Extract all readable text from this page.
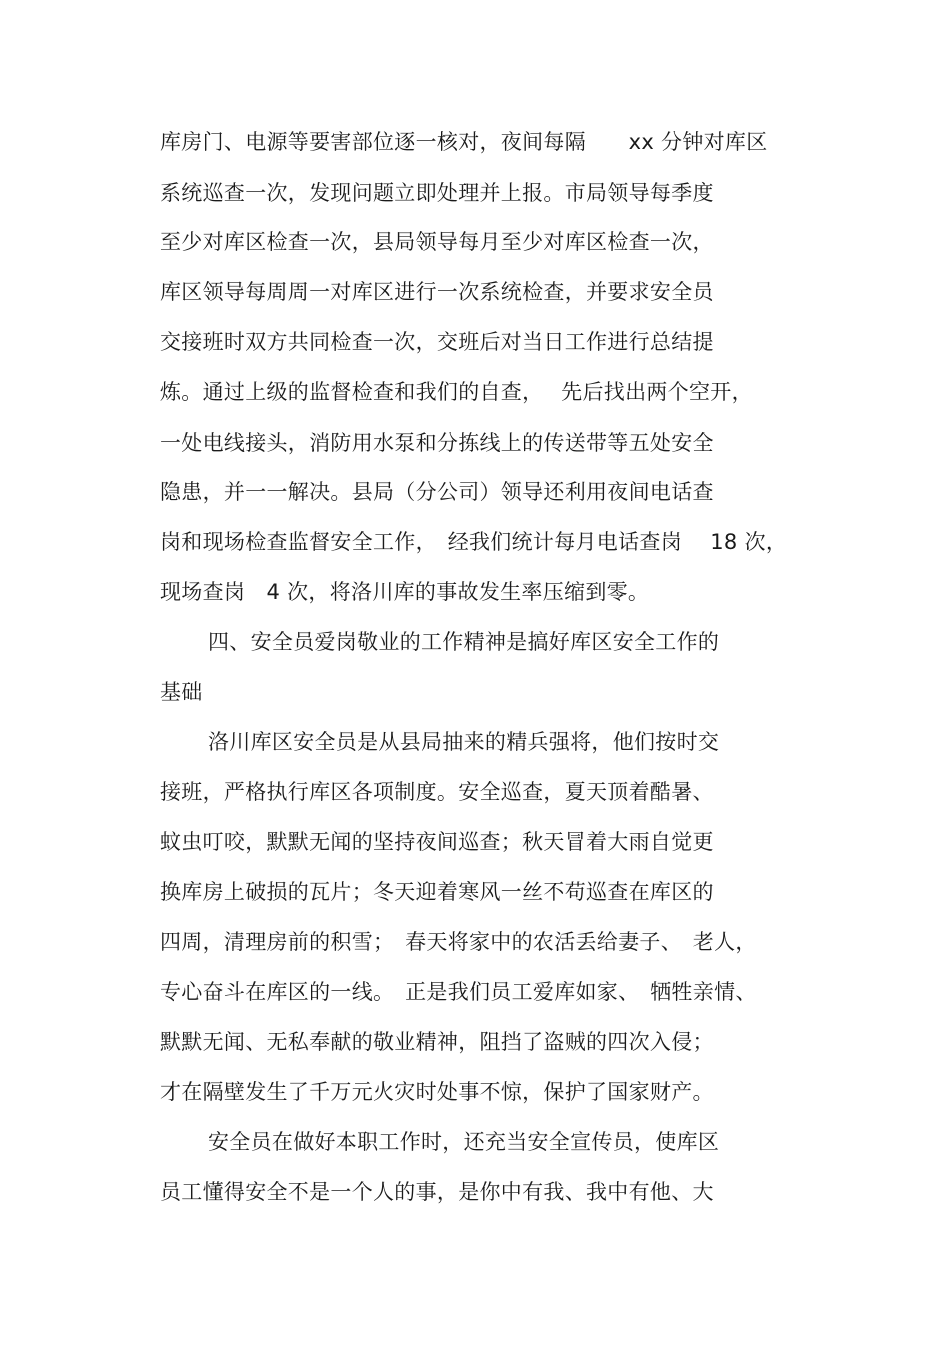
库房门、电源等要害部位逐一核对，夜间每隔　　xx 分钟对库区
系统巡查一次，发现问题立即处理并上报。市局领导每季度
至少对库区检查一次，县局领导每月至少对库区检查一次，
库区领导每周周一对库区进行一次系统检查，并要求安全员
交接班时双方共同检查一次，交班后对当日工作进行总结提
炼。通过上级的监督检查和我们的自查，　 先后找出两个空开，
一处电线接头，消防用水泵和分拣线上的传送带等五处安全
隐患，并一一解决。县局（分公司）领导还利用夜间电话查
岗和现场检查监督安全工作，　经我们统计每月电话查岗　 18 次，
现场查岗　4 次，将洛川库的事故发生率压缩到零。
四、安全员爱岗敬业的工作精神是搞好库区安全工作的
基础
洛川库区安全员是从县局抽来的精兵强将，他们按时交
接班，严格执行库区各项制度。安全巡查，夏天顶着酷暑、
蚊虫叮咬，默默无闻的坚持夜间巡查；秋天冒着大雨自觉更
换库房上破损的瓦片；冬天迎着寒风一丝不苟巡查在库区的
四周，清理房前的积雪；　春天将家中的农活丢给妻子、　老人，
专心奋斗在库区的一线。　正是我们员工爱库如家、　牺牲亲情、
默默无闻、无私奉献的敬业精神，阻挡了盗贼的四次入侵；
才在隔壁发生了千万元火灾时处事不惊，保护了国家财产。
安全员在做好本职工作时，还充当安全宣传员，使库区
员工懂得安全不是一个人的事，是你中有我、我中有他、大
